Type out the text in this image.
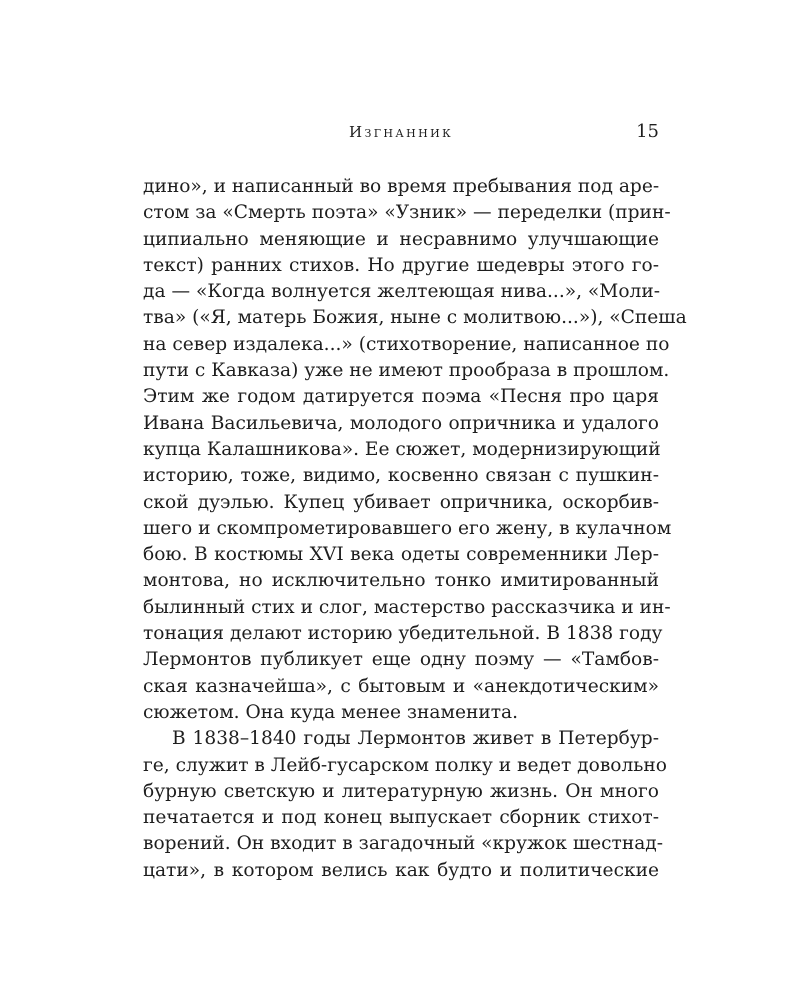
Изгнанник	15
дино», и написанный во время пребывания под аре-
стом за «Смерть поэта» «Узник» — переделки (прин-
ципиально меняющие и несравнимо улучшающие
текст) ранних стихов. Но другие шедевры этого го-
да — «Когда волнуется желтеющая нива...», «Моли-
тва» («Я, матерь Божия, ныне с молитвою...»), «Спеша
на север издалека...» (стихотворение, написанное по
пути с Кавказа) уже не имеют прообраза в прошлом.
Этим же годом датируется поэма «Песня про царя
Ивана Васильевича, молодого опричника и удалого
купца Калашникова». Ее сюжет, модернизирующий
историю, тоже, видимо, косвенно связан с пушкин-
ской дуэлью. Купец убивает опричника, оскорбив-
шего и скомпрометировавшего его жену, в кулачном
бою. В костюмы XVI века одеты современники Лер-
монтова, но исключительно тонко имитированный
былинный стих и слог, мастерство рассказчика и ин-
тонация делают историю убедительной. В 1838 году
Лермонтов публикует еще одну поэму — «Тамбов-
ская казначейша», с бытовым и «анекдотическим»
сюжетом. Она куда менее знаменита.
В 1838–1840 годы Лермонтов живет в Петербур-
ге, служит в Лейб-гусарском полку и ведет довольно
бурную светскую и литературную жизнь. Он много
печатается и под конец выпускает сборник стихот-
ворений. Он входит в загадочный «кружок шестнад-
цати», в котором велись как будто и политические
